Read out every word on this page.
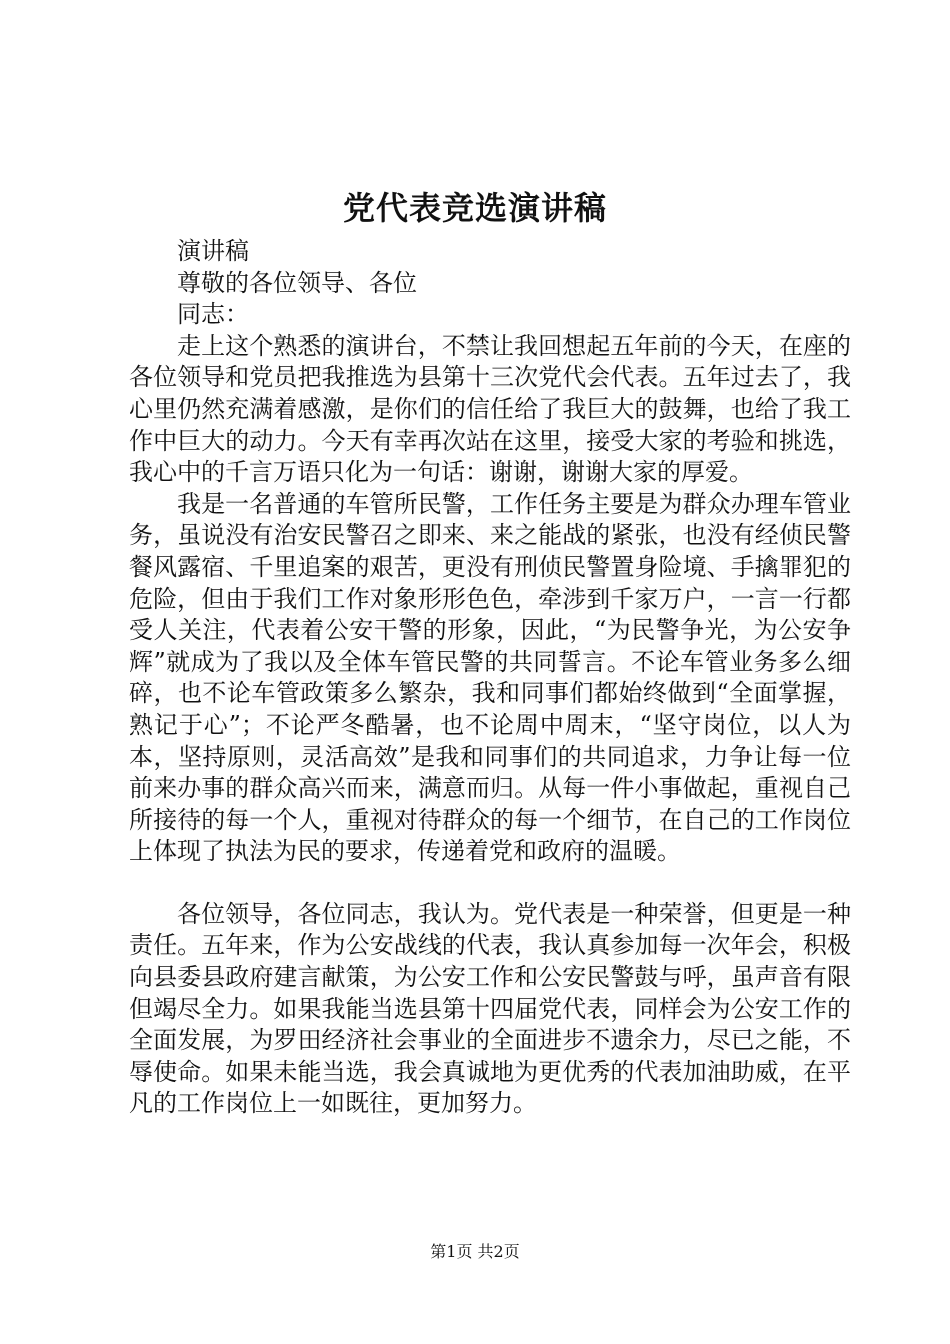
党代表竞选演讲稿

演讲稿

尊敬的各位领导、各位

同志：

走上这个熟悉的演讲台，不禁让我回想起五年前的今天，在座的各位领导和党员把我推选为县第十三次党代会代表。五年过去了，我心里仍然充满着感激，是你们的信任给了我巨大的鼓舞，也给了我工作中巨大的动力。今天有幸再次站在这里，接受大家的考验和挑选，我心中的千言万语只化为一句话：谢谢，谢谢大家的厚爱。

我是一名普通的车管所民警，工作任务主要是为群众办理车管业务，虽说没有治安民警召之即来、来之能战的紧张，也没有经侦民警餐风露宿、千里追案的艰苦，更没有刑侦民警置身险境、手擒罪犯的危险，但由于我们工作对象形形色色，牵涉到千家万户，一言一行都受人关注，代表着公安干警的形象，因此，“为民警争光，为公安争辉”就成为了我以及全体车管民警的共同誓言。不论车管业务多么细碎，也不论车管政策多么繁杂，我和同事们都始终做到“全面掌握，熟记于心”；不论严冬酷暑，也不论周中周末，“坚守岗位，以人为本，坚持原则，灵活高效”是我和同事们的共同追求，力争让每一位前来办事的群众高兴而来，满意而归。从每一件小事做起，重视自己所接待的每一个人，重视对待群众的每一个细节，在自己的工作岗位上体现了执法为民的要求，传递着党和政府的温暖。

各位领导，各位同志，我认为。党代表是一种荣誉，但更是一种责任。五年来，作为公安战线的代表，我认真参加每一次年会，积极向县委县政府建言献策，为公安工作和公安民警鼓与呼，虽声音有限但竭尽全力。如果我能当选县第十四届党代表，同样会为公安工作的全面发展，为罗田经济社会事业的全面进步不遗余力，尽已之能，不辱使命。如果未能当选，我会真诚地为更优秀的代表加油助威，在平凡的工作岗位上一如既往，更加努力。

第1页 共2页
